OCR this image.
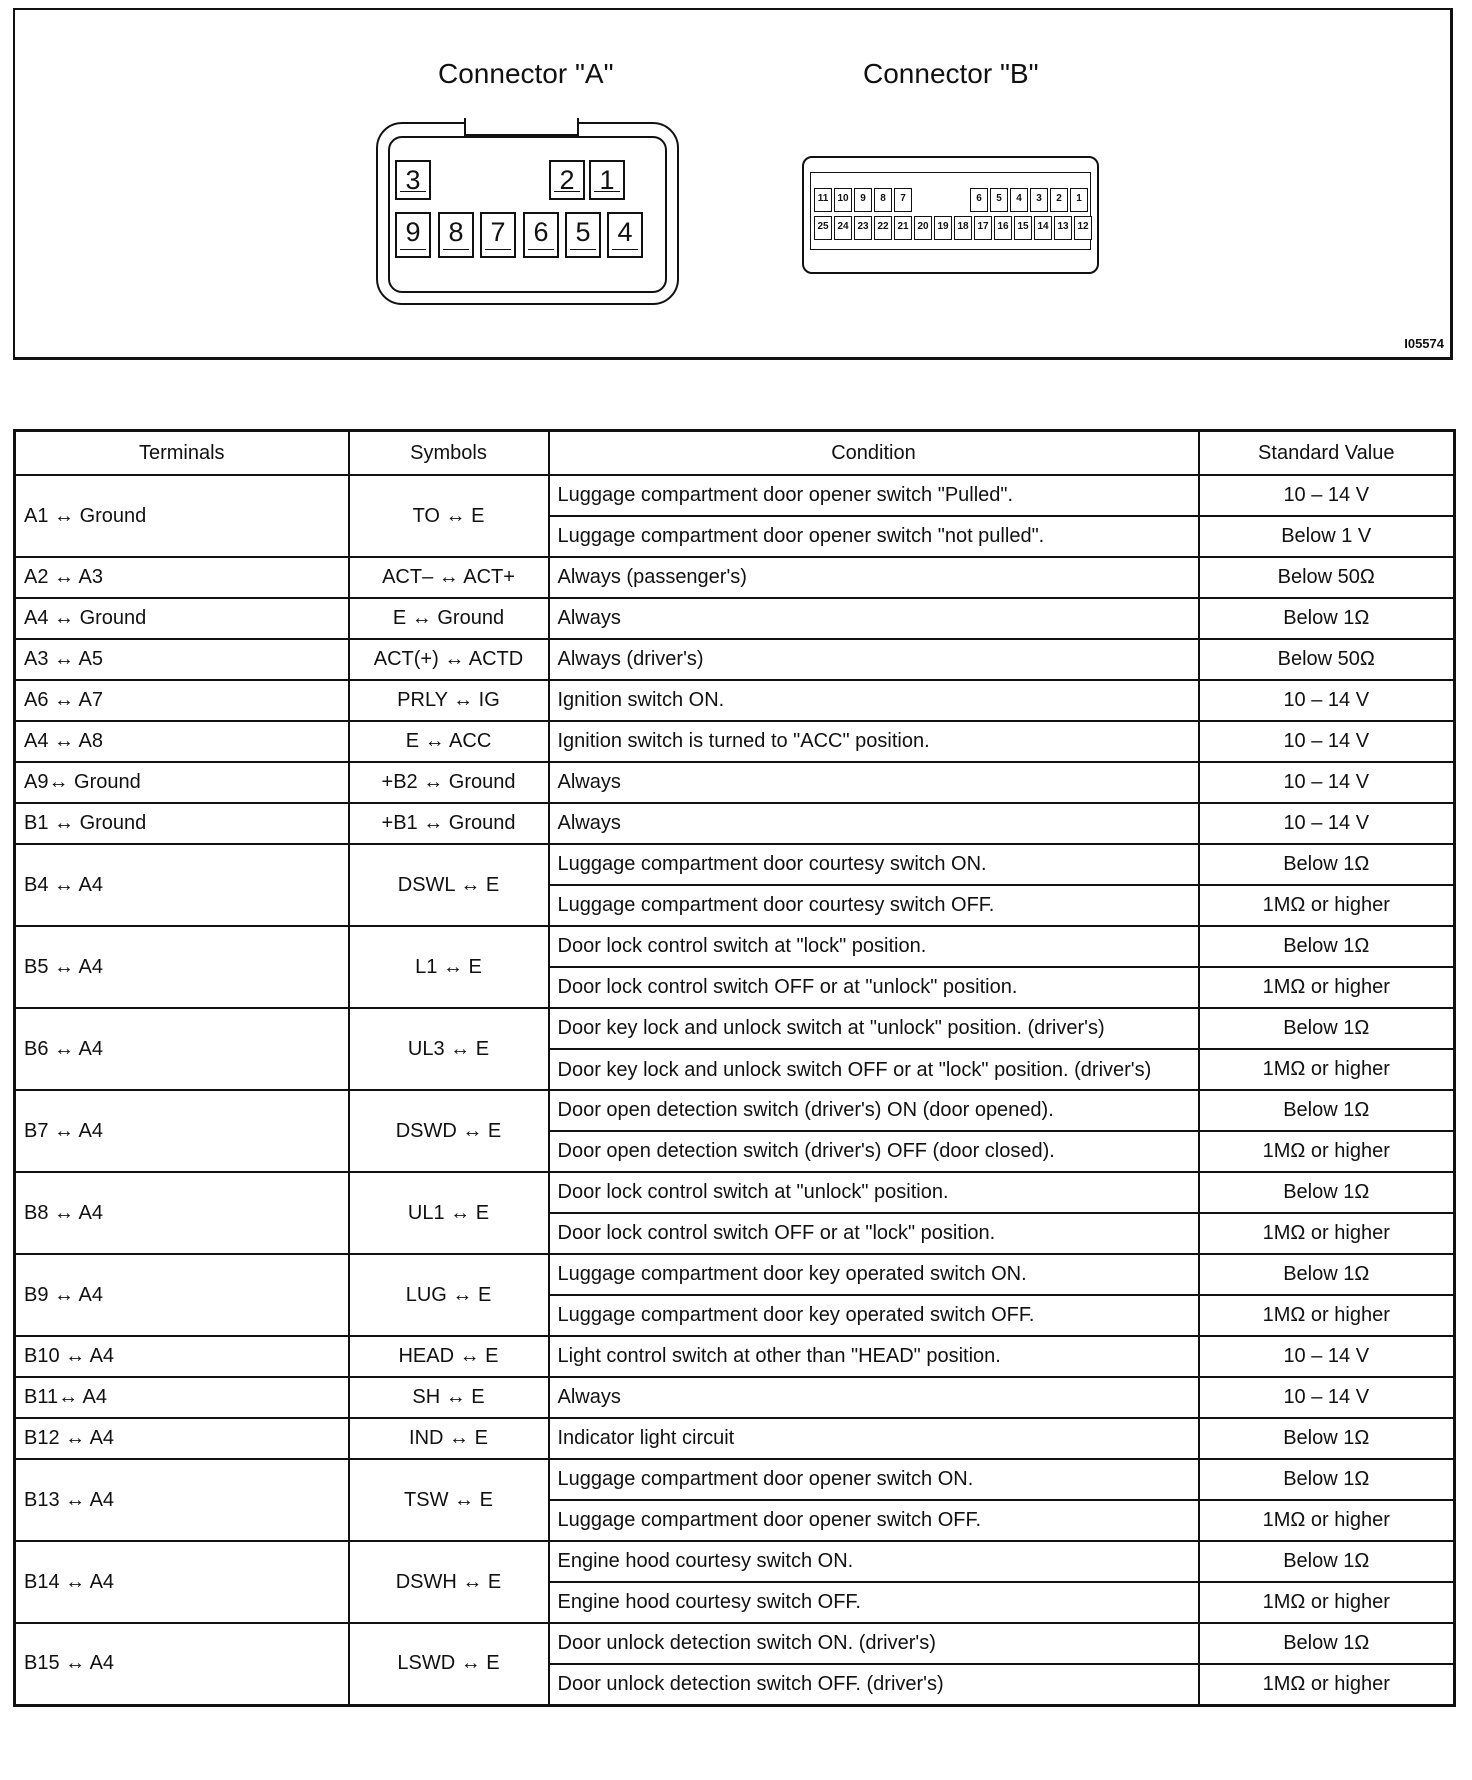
Connector "A"	Connector "B"
3	2 1
9	8 7	6 5 4
11 10	9	8	7	6	5	4	3	2	1
25 24 23 22 21 20 19 18 17 16 15 14 13 12
I05574
Terminals	Symbols	Condition	Standard Value
A1 ↔ Ground	TO ↔ E	Luggage compartment door opener switch "Pulled".	10 – 14 V
		Luggage compartment door opener switch "not pulled".	Below 1 V
A2 ↔ A3	ACT– ↔ ACT+	Always (passenger's)	Below 50Ω
A4 ↔ Ground	E ↔ Ground	Always	Below 1Ω
A3 ↔ A5	ACT(+) ↔ ACTD	Always (driver's)	Below 50Ω
A6 ↔ A7	PRLY ↔ IG	Ignition switch ON.	10 – 14 V
A4 ↔ A8	E ↔ ACC	Ignition switch is turned to "ACC" position.	10 – 14 V
A9↔ Ground	+B2 ↔ Ground	Always	10 – 14 V
B1 ↔ Ground	+B1 ↔ Ground	Always	10 – 14 V
B4 ↔ A4	DSWL ↔ E	Luggage compartment door courtesy switch ON.	Below 1Ω
		Luggage compartment door courtesy switch OFF.	1MΩ or higher
B5 ↔ A4	L1 ↔ E	Door lock control switch at "lock" position.	Below 1Ω
		Door lock control switch OFF or at "unlock" position.	1MΩ or higher
B6 ↔ A4	UL3 ↔ E	Door key lock and unlock switch at "unlock" position. (driver's)	Below 1Ω
		Door key lock and unlock switch OFF or at "lock" position. (driver's)	1MΩ or higher
B7 ↔ A4	DSWD ↔ E	Door open detection switch (driver's) ON (door opened).	Below 1Ω
		Door open detection switch (driver's) OFF (door closed).	1MΩ or higher
B8 ↔ A4	UL1 ↔ E	Door lock control switch at "unlock" position.	Below 1Ω
		Door lock control switch OFF or at "lock" position.	1MΩ or higher
B9 ↔ A4	LUG ↔ E	Luggage compartment door key operated switch ON.	Below 1Ω
		Luggage compartment door key operated switch OFF.	1MΩ or higher
B10 ↔ A4	HEAD ↔ E	Light control switch at other than "HEAD" position.	10 – 14 V
B11↔ A4	SH ↔ E	Always	10 – 14 V
B12 ↔ A4	IND ↔ E	Indicator light circuit	Below 1Ω
B13 ↔ A4	TSW ↔ E	Luggage compartment door opener switch ON.	Below 1Ω
		Luggage compartment door opener switch OFF.	1MΩ or higher
B14 ↔ A4	DSWH ↔ E	Engine hood courtesy switch ON.	Below 1Ω
		Engine hood courtesy switch OFF.	1MΩ or higher
B15 ↔ A4	LSWD ↔ E	Door unlock detection switch ON. (driver's)	Below 1Ω
		Door unlock detection switch OFF. (driver's)	1MΩ or higher
